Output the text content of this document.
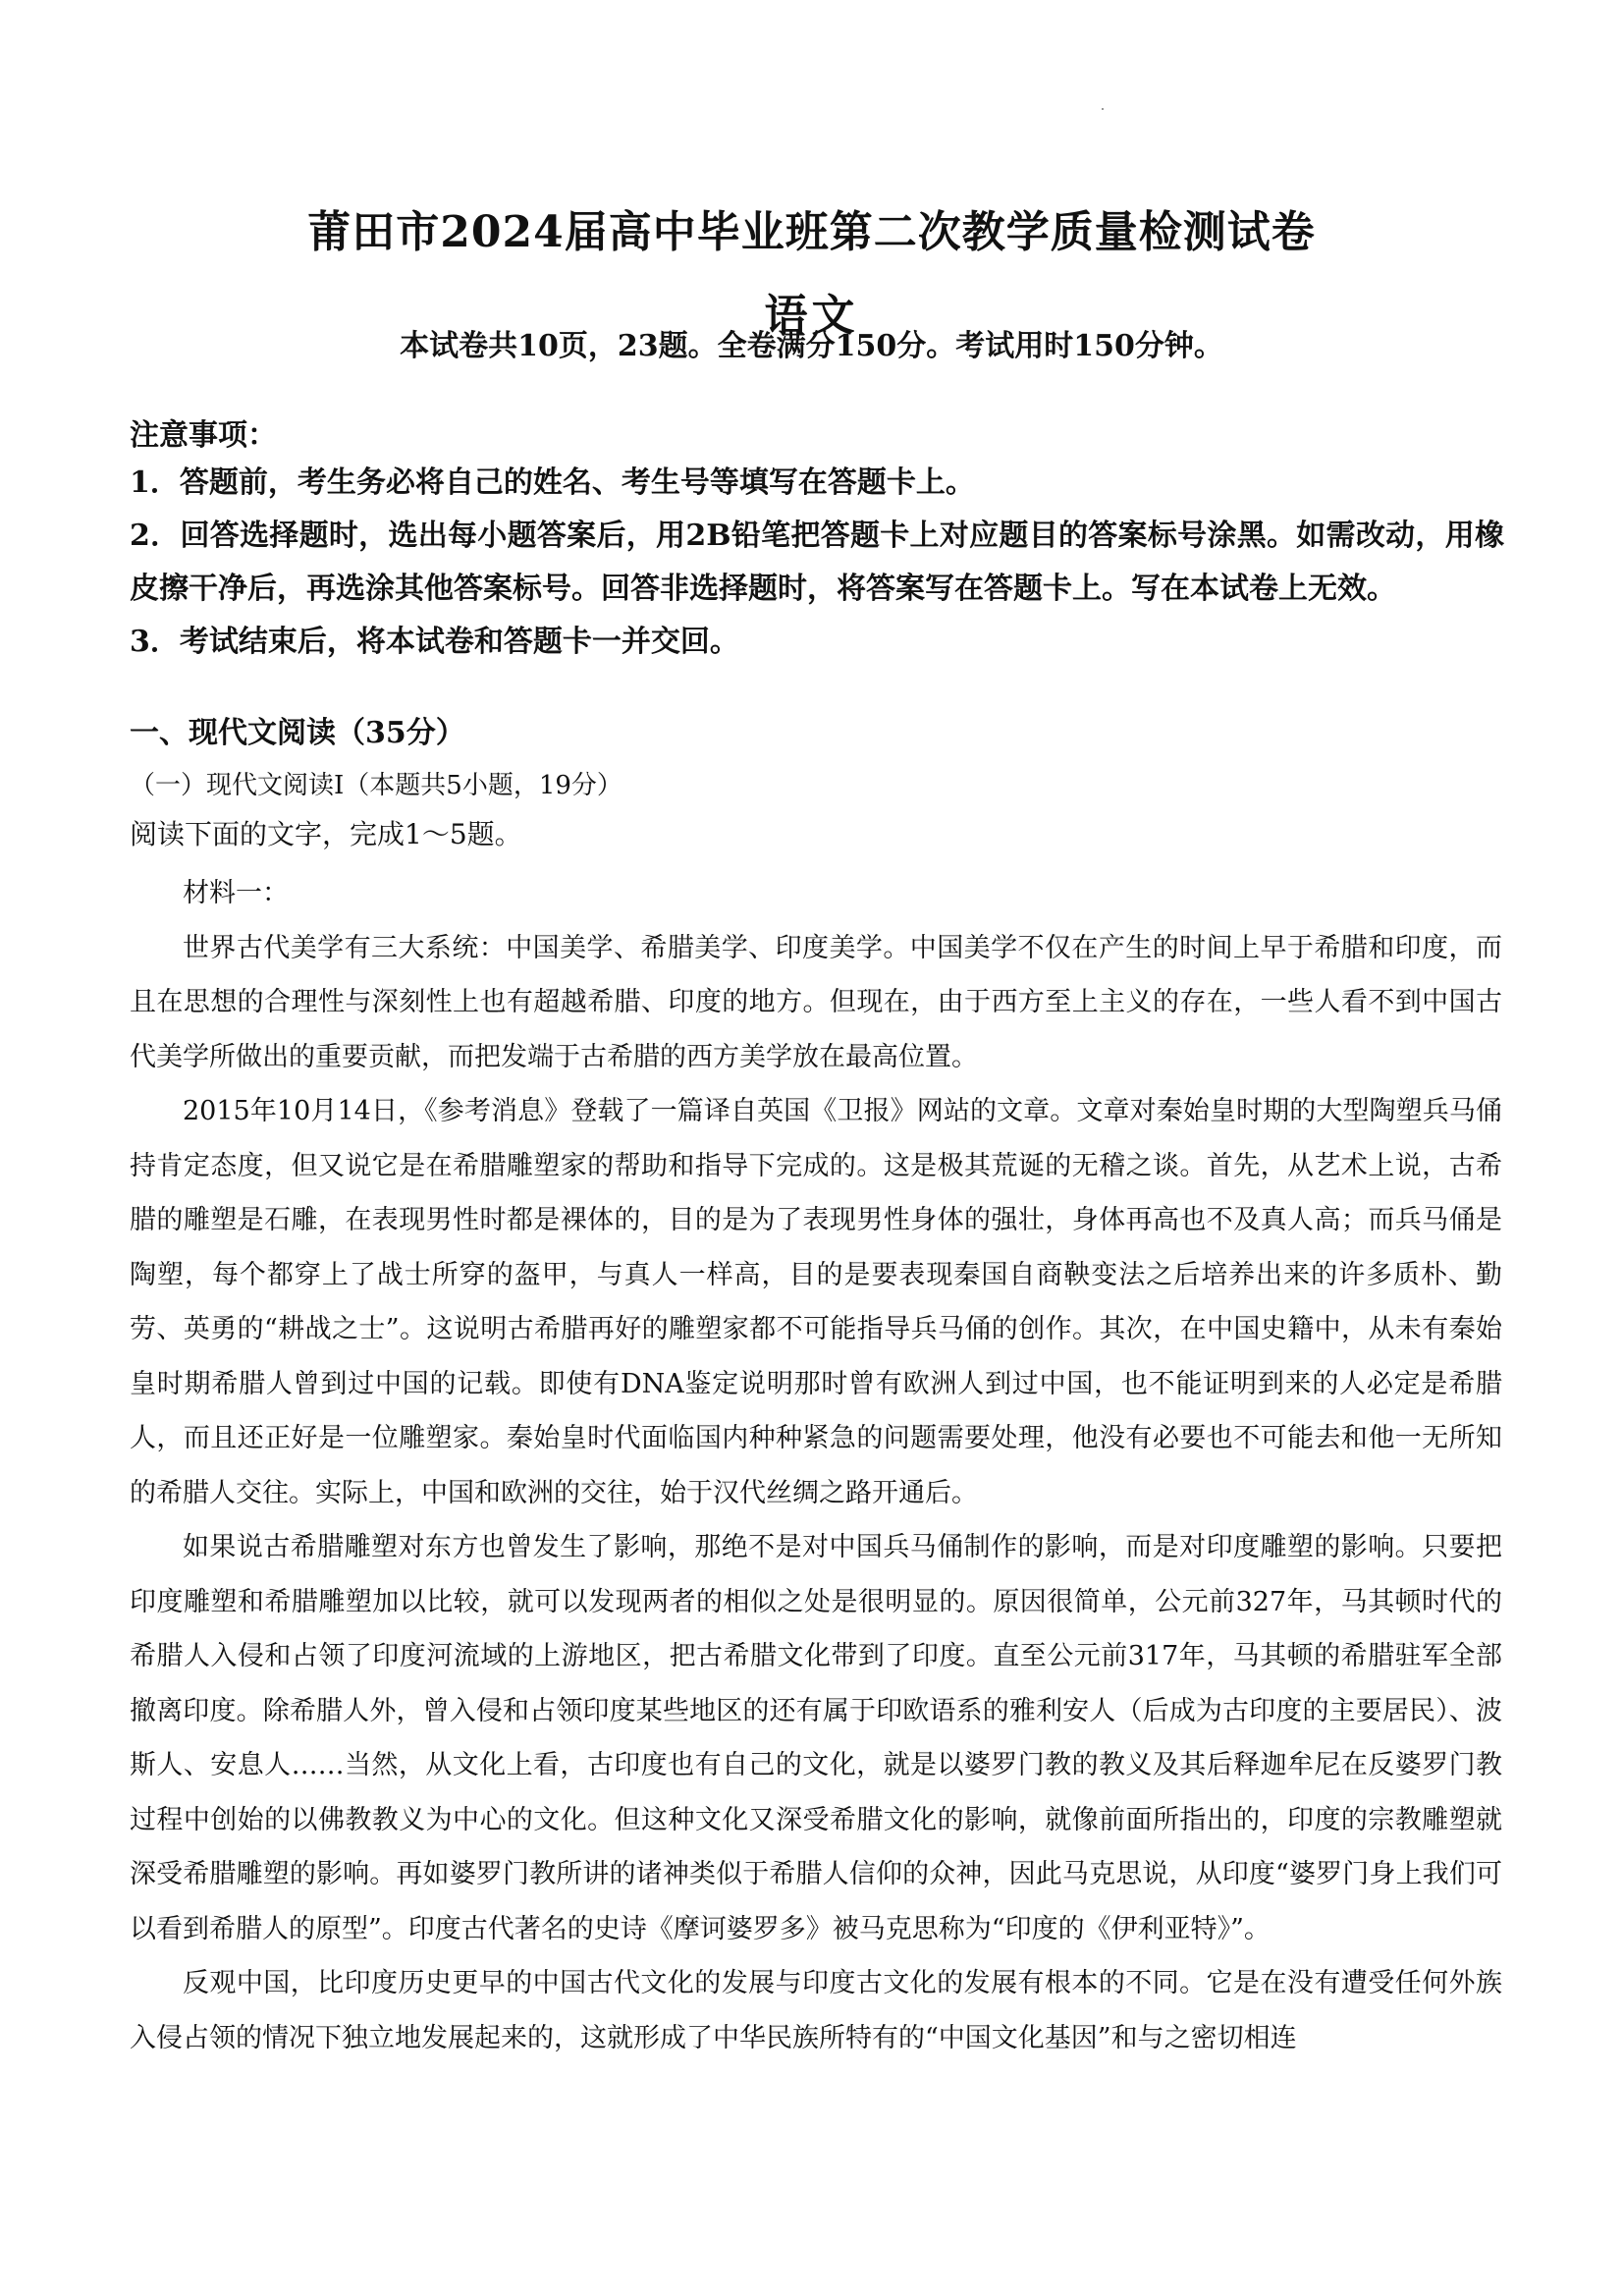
莆田市2024届高中毕业班第二次教学质量检测试卷
语文
本试卷共10页，23题。全卷满分150分。考试用时150分钟。
注意事项：

1．答题前，考生务必将自己的姓名、考生号等填写在答题卡上。

2．回答选择题时，选出每小题答案后，用2B铅笔把答题卡上对应题目的答案标号涂黑。如需改动，用橡皮擦干净后，再选涂其他答案标号。回答非选择题时，将答案写在答题卡上。写在本试卷上无效。

3．考试结束后，将本试卷和答题卡一并交回。

一、现代文阅读（35分）
（一）现代文阅读Ⅰ（本题共5小题，19分）
阅读下面的文字，完成1～5题。

材料一：

世界古代美学有三大系统：中国美学、希腊美学、印度美学。中国美学不仅在产生的时间上早于希腊和印度，而且在思想的合理性与深刻性上也有超越希腊、印度的地方。但现在，由于西方至上主义的存在，一些人看不到中国古代美学所做出的重要贡献，而把发端于古希腊的西方美学放在最高位置。

2015年10月14日，《参考消息》登载了一篇译自英国《卫报》网站的文章。文章对秦始皇时期的大型陶塑兵马俑持肯定态度，但又说它是在希腊雕塑家的帮助和指导下完成的。这是极其荒诞的无稽之谈。首先，从艺术上说，古希腊的雕塑是石雕，在表现男性时都是裸体的，目的是为了表现男性身体的强壮，身体再高也不及真人高；而兵马俑是陶塑，每个都穿上了战士所穿的盔甲，与真人一样高，目的是要表现秦国自商鞅变法之后培养出来的许多质朴、勤劳、英勇的“耕战之士”。这说明古希腊再好的雕塑家都不可能指导兵马俑的创作。其次，在中国史籍中，从未有秦始皇时期希腊人曾到过中国的记载。即使有DNA鉴定说明那时曾有欧洲人到过中国，也不能证明到来的人必定是希腊人，而且还正好是一位雕塑家。秦始皇时代面临国内种种紧急的问题需要处理，他没有必要也不可能去和他一无所知的希腊人交往。实际上，中国和欧洲的交往，始于汉代丝绸之路开通后。

如果说古希腊雕塑对东方也曾发生了影响，那绝不是对中国兵马俑制作的影响，而是对印度雕塑的影响。只要把印度雕塑和希腊雕塑加以比较，就可以发现两者的相似之处是很明显的。原因很简单，公元前327年，马其顿时代的希腊人入侵和占领了印度河流域的上游地区，把古希腊文化带到了印度。直至公元前317年，马其顿的希腊驻军全部撤离印度。除希腊人外，曾入侵和占领印度某些地区的还有属于印欧语系的雅利安人（后成为古印度的主要居民）、波斯人、安息人……当然，从文化上看，古印度也有自己的文化，就是以婆罗门教的教义及其后释迦牟尼在反婆罗门教过程中创始的以佛教教义为中心的文化。但这种文化又深受希腊文化的影响，就像前面所指出的，印度的宗教雕塑就深受希腊雕塑的影响。再如婆罗门教所讲的诸神类似于希腊人信仰的众神，因此马克思说，从印度“婆罗门身上我们可以看到希腊人的原型”。印度古代著名的史诗《摩诃婆罗多》被马克思称为“印度的《伊利亚特》”。

反观中国，比印度历史更早的中国古代文化的发展与印度古文化的发展有根本的不同。它是在没有遭受任何外族入侵占领的情况下独立地发展起来的，这就形成了中华民族所特有的“中国文化基因”和与之密切相连
